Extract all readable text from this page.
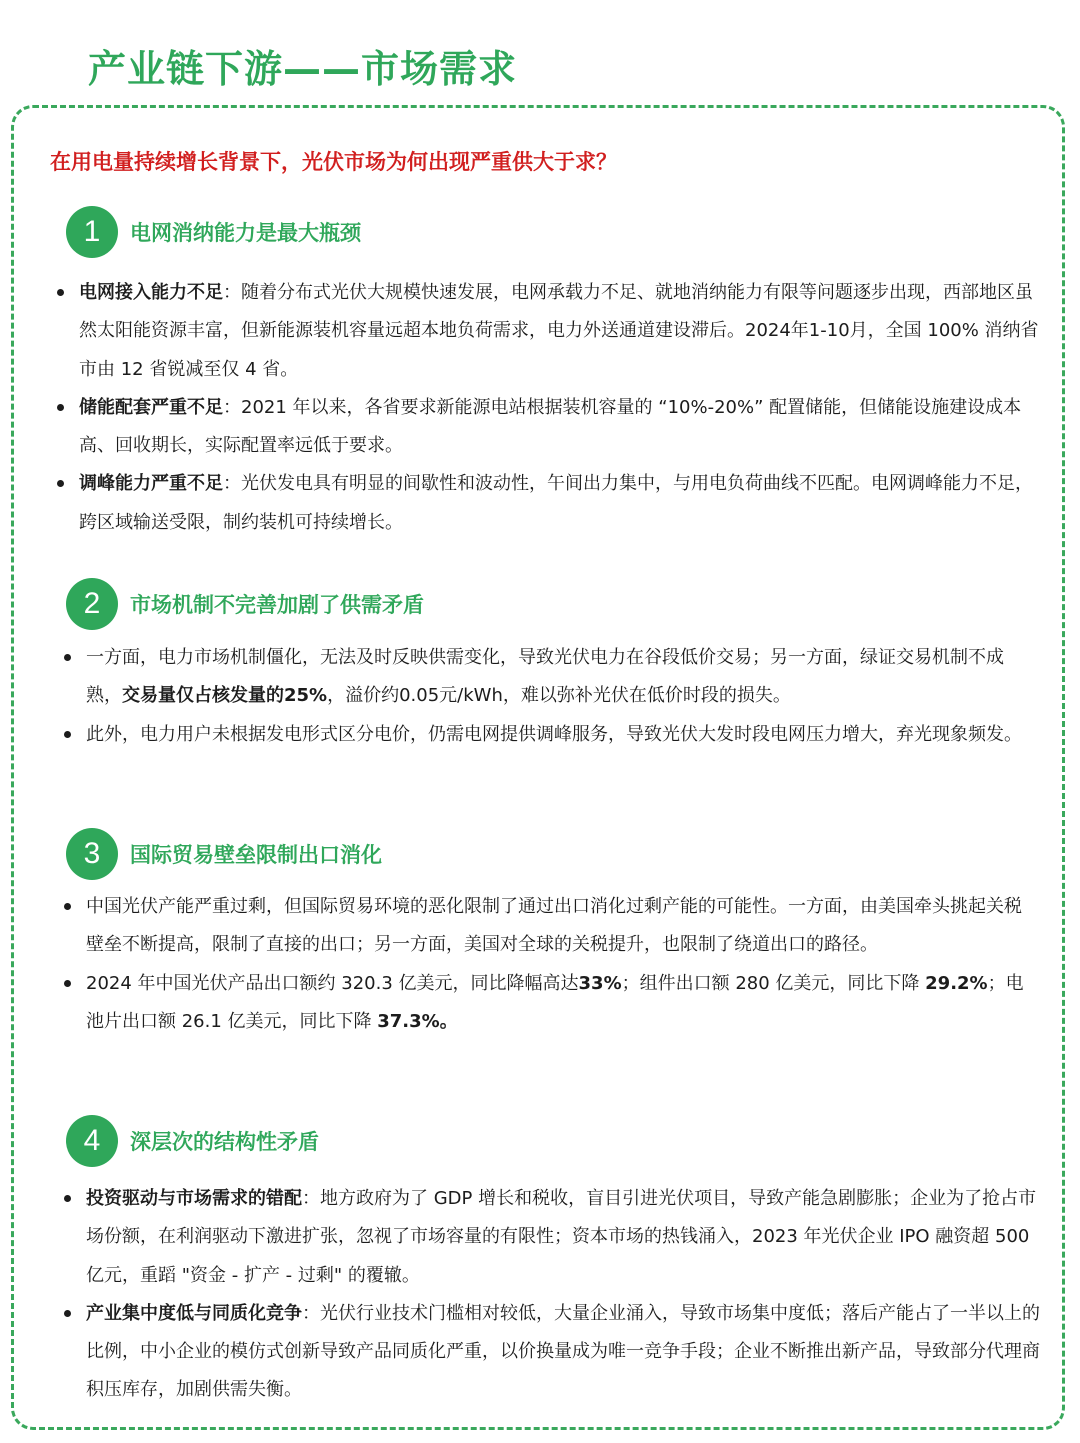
产业链下游——市场需求

在用电量持续增长背景下，光伏市场为何出现严重供大于求？

1	电网消纳能力是最大瓶颈
电网接入能力不足：随着分布式光伏大规模快速发展，电网承载力不足、就地消纳能力有限等问题逐步出现，西部地区虽然太阳能资源丰富，但新能源装机容量远超本地负荷需求，电力外送通道建设滞后。2024年1-10月，全国 100% 消纳省市由 12 省锐减至仅 4 省。
储能配套严重不足：2021 年以来，各省要求新能源电站根据装机容量的 “10%-20%” 配置储能，但储能设施建设成本高、回收期长，实际配置率远低于要求。
调峰能力严重不足：光伏发电具有明显的间歇性和波动性，午间出力集中，与用电负荷曲线不匹配。电网调峰能力不足，跨区域输送受限，制约装机可持续增长。
2	市场机制不完善加剧了供需矛盾
一方面，电力市场机制僵化，无法及时反映供需变化，导致光伏电力在谷段低价交易；另一方面，绿证交易机制不成熟，交易量仅占核发量的25%，溢价约0.05元/kWh，难以弥补光伏在低价时段的损失。
此外，电力用户未根据发电形式区分电价，仍需电网提供调峰服务，导致光伏大发时段电网压力增大，弃光现象频发。
3	国际贸易壁垒限制出口消化
中国光伏产能严重过剩，但国际贸易环境的恶化限制了通过出口消化过剩产能的可能性。一方面，由美国牵头挑起关税壁垒不断提高，限制了直接的出口；另一方面，美国对全球的关税提升，也限制了绕道出口的路径。
2024 年中国光伏产品出口额约 320.3 亿美元，同比降幅高达33%；组件出口额 280 亿美元，同比下降 29.2%；电池片出口额 26.1 亿美元，同比下降 37.3%。
4	深层次的结构性矛盾
投资驱动与市场需求的错配：地方政府为了 GDP 增长和税收，盲目引进光伏项目，导致产能急剧膨胀；企业为了抢占市场份额，在利润驱动下激进扩张，忽视了市场容量的有限性；资本市场的热钱涌入，2023 年光伏企业 IPO 融资超 500 亿元，重蹈 "资金 - 扩产 - 过剩" 的覆辙。
产业集中度低与同质化竞争：光伏行业技术门槛相对较低，大量企业涌入，导致市场集中度低；落后产能占了一半以上的比例，中小企业的模仿式创新导致产品同质化严重，以价换量成为唯一竞争手段；企业不断推出新产品，导致部分代理商积压库存，加剧供需失衡。
